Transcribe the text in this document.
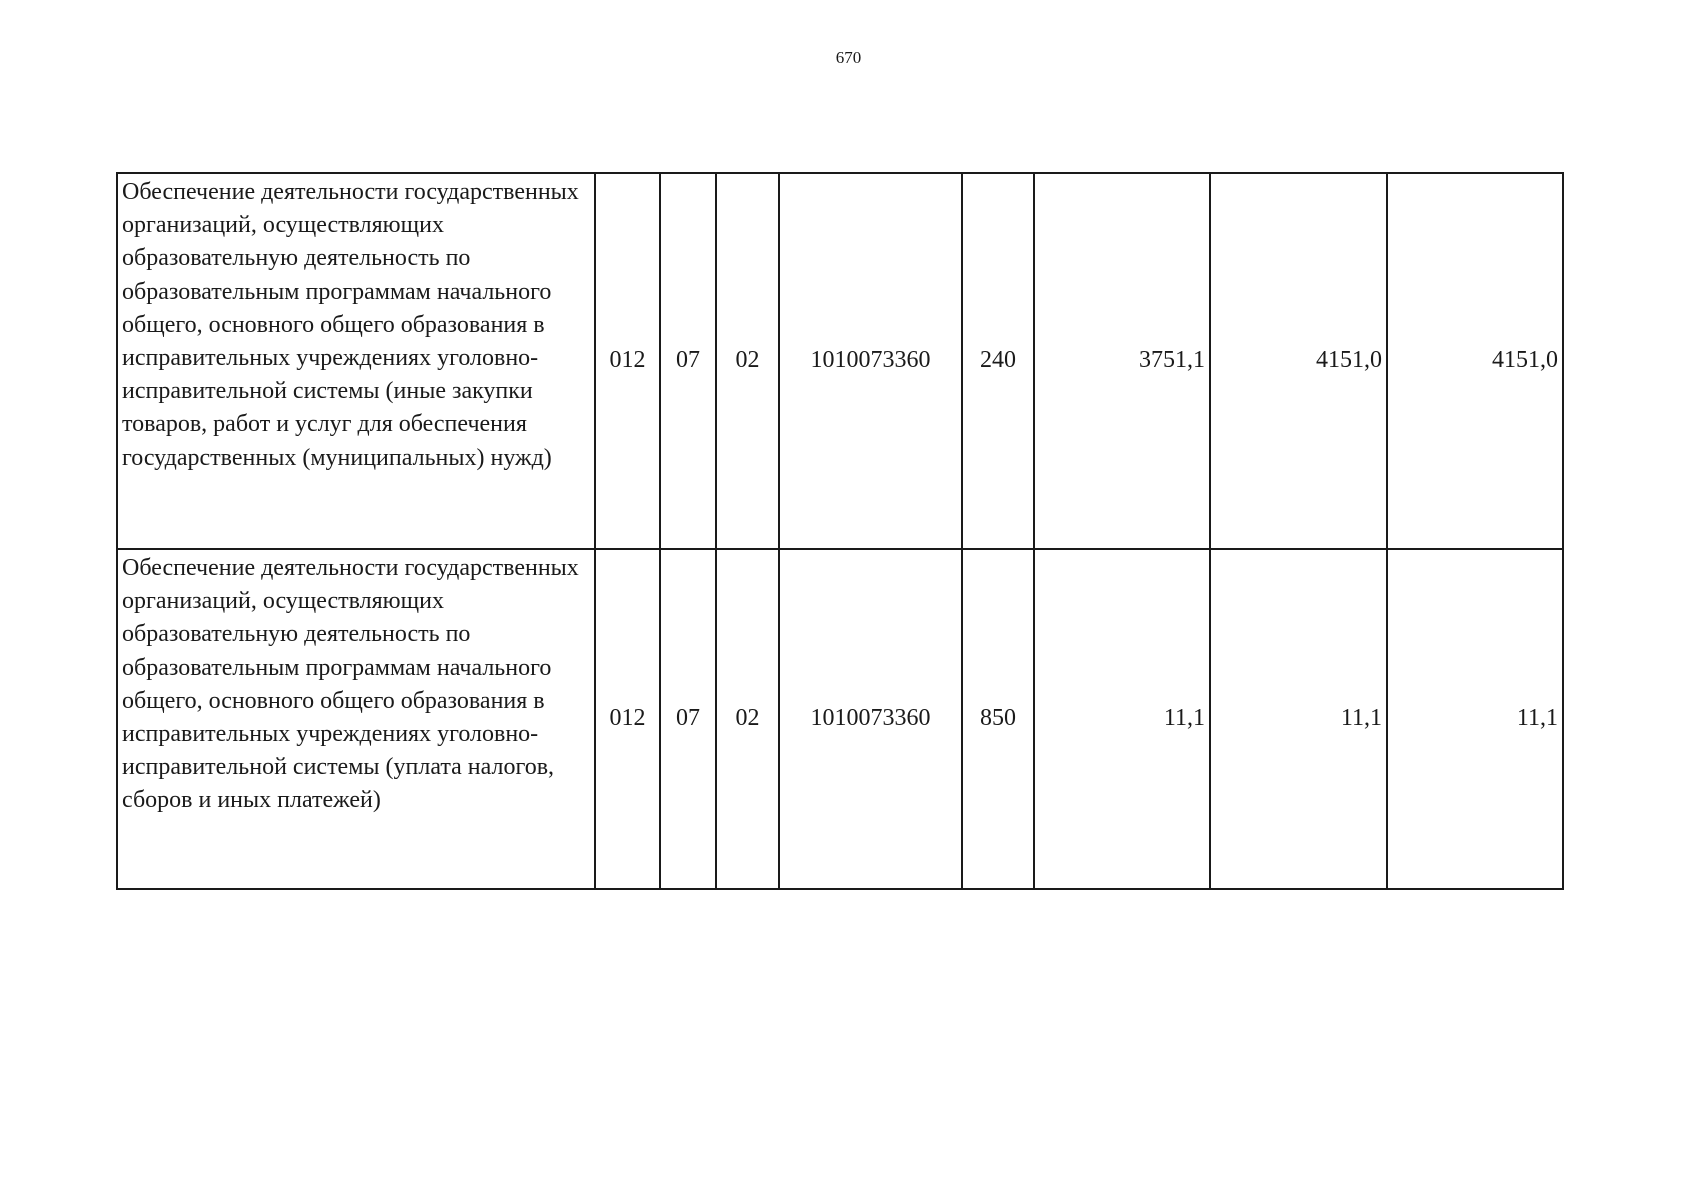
670
Обеспечение деятельности государственных организаций, осуществляющих образовательную деятельность по образовательным программам начального общего, основного общего образования в исправительных учреждениях уголовно-исправительной системы (иные закупки товаров, работ и услуг для обеспечения государственных (муниципальных) нужд)	012	07	02	1010073360	240	3751,1	4151,0	4151,0
Обеспечение деятельности государственных организаций, осуществляющих образовательную деятельность по образовательным программам начального общего, основного общего образования в исправительных учреждениях уголовно-исправительной системы (уплата налогов, сборов и иных платежей)	012	07	02	1010073360	850	11,1	11,1	11,1
